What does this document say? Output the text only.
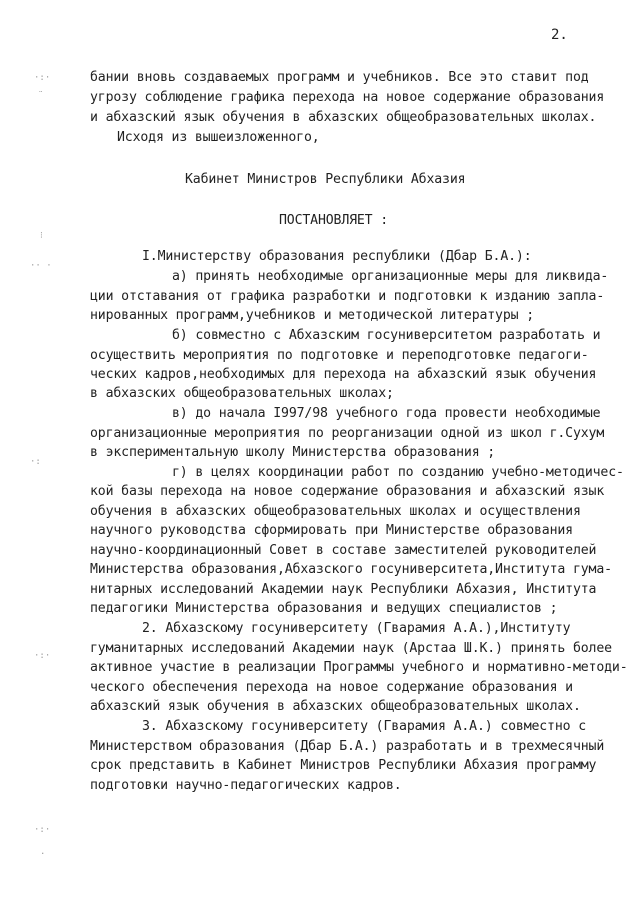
2.
·:·
¨
⁝
·· ·
·:
·:·
·:·
.
бании вновь создаваемых программ и учебников. Все это ставит под
угрозу соблюдение графика перехода на новое содержание образования
и абхазский язык обучения в абхазских общеобразовательных школах.
Исходя из вышеизложенного,
Кабинет Министров Республики Абхазия
ПОСТАНОВЛЯЕТ :
I.Министерству образования республики (Дбар Б.А.):
а) принять необходимые организационные меры для ликвида-
ции отставания от графика разработки и подготовки к изданию запла-
нированных программ,учебников и методической литературы ;
б) совместно с Абхазским госуниверситетом разработать и
осуществить мероприятия по подготовке и переподготовке педагоги-
ческих кадров,необходимых для перехода на абхазский язык обучения
в абхазских общеобразовательных школах;
в) до начала I997/98 учебного года провести необходимые
организационные мероприятия по реорганизации одной из школ г.Сухум
в экспериментальную школу Министерства образования ;
г) в целях координации работ по созданию учебно-методичес-
кой базы перехода на новое содержание образования и абхазский язык
обучения в абхазских общеобразовательных школах и осуществления
научного руководства сформировать при Министерстве образования
научно-координационный Совет в составе заместителей руководителей
Министерства образования,Абхазского госуниверситета,Института гума-
нитарных исследований Академии наук Республики Абхазия, Института
педагогики Министерства образования и ведущих специалистов ;
2. Абхазскому госуниверситету (Гварамия А.А.),Институту
гуманитарных исследований Академии наук (Арстаа Ш.К.) принять более
активное участие в реализации Программы учебного и нормативно-методи-
ческого обеспечения перехода на новое содержание образования и
абхазский язык обучения в абхазских общеобразовательных школах.
3. Абхазскому госуниверситету (Гварамия А.А.) совместно с
Министерством образования (Дбар Б.А.) разработать и в трехмесячный
срок представить в Кабинет Министров Республики Абхазия программу
подготовки научно-педагогических кадров.
